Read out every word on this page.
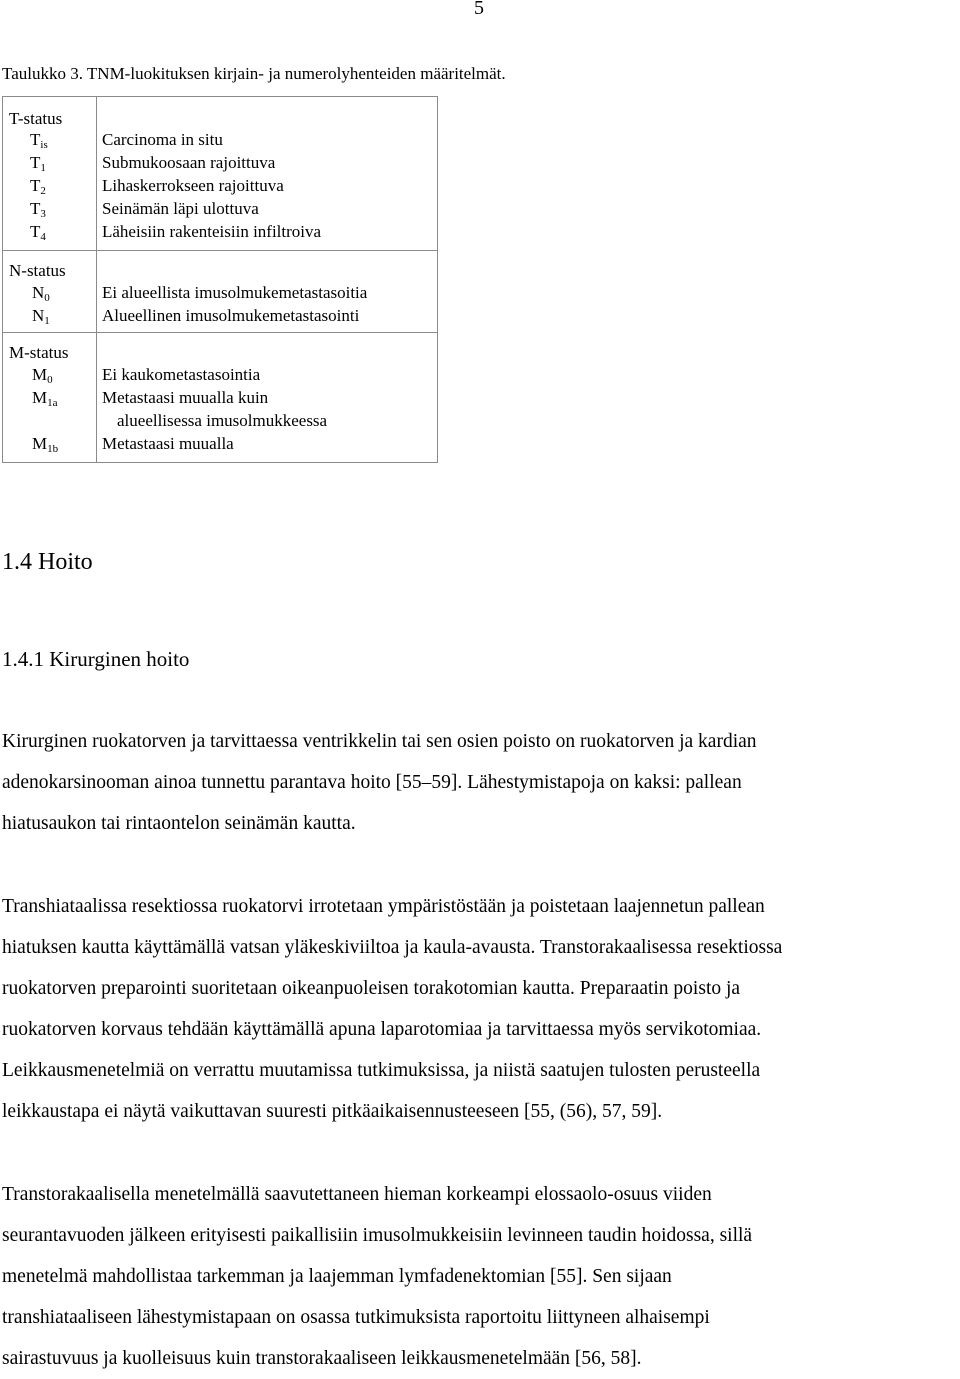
5
Taulukko 3. TNM-luokituksen kirjain- ja numerolyhenteiden määritelmät.
T-status
$T_{is}$
$T_1$
$T_2$
$T_3$
$T_4$
Carcinoma in situ
Submukoosaan rajoittuva
Lihaskerrokseen rajoittuva
Seinämän läpi ulottuva
Läheisiin rakenteisiin infiltroiva
N-status
$N_0$
$N_1$
Ei alueellista imusolmukemetastasoitia
Alueellinen imusolmukemetastasointi
M-status
$M_0$
$M_{1a}$
$M_{1b}$
Ei kaukometastasointia
Metastaasi muualla kuin
alueellisessa imusolmukkeessa
Metastaasi muualla
1.4 Hoito
1.4.1 Kirurginen hoito
Kirurginen ruokatorven ja tarvittaessa ventrikkelin tai sen osien poisto on ruokatorven ja kardian
adenokarsinooman ainoa tunnettu parantava hoito [55–59]. Lähestymistapoja on kaksi: pallean
hiatusaukon tai rintaontelon seinämän kautta.
Transhiataalissa resektiossa ruokatorvi irrotetaan ympäristöstään ja poistetaan laajennetun pallean
hiatuksen kautta käyttämällä vatsan yläkeskiviiltoa ja kaula-avausta. Transtorakaalisessa resektiossa
ruokatorven preparointi suoritetaan oikeanpuoleisen torakotomian kautta. Preparaatin poisto ja
ruokatorven korvaus tehdään käyttämällä apuna laparotomiaa ja tarvittaessa myös servikotomiaa.
Leikkausmenetelmiä on verrattu muutamissa tutkimuksissa, ja niistä saatujen tulosten perusteella
leikkaustapa ei näytä vaikuttavan suuresti pitkäaikaisennusteeseen [55, (56), 57, 59].
Transtorakaalisella menetelmällä saavutettaneen hieman korkeampi elossaolo-osuus viiden
seurantavuoden jälkeen erityisesti paikallisiin imusolmukkeisiin levinneen taudin hoidossa, sillä
menetelmä mahdollistaa tarkemman ja laajemman lymfadenektomian [55]. Sen sijaan
transhiataaliseen lähestymistapaan on osassa tutkimuksista raportoitu liittyneen alhaisempi
sairastuvuus ja kuolleisuus kuin transtorakaaliseen leikkausmenetelmään [56, 58].
